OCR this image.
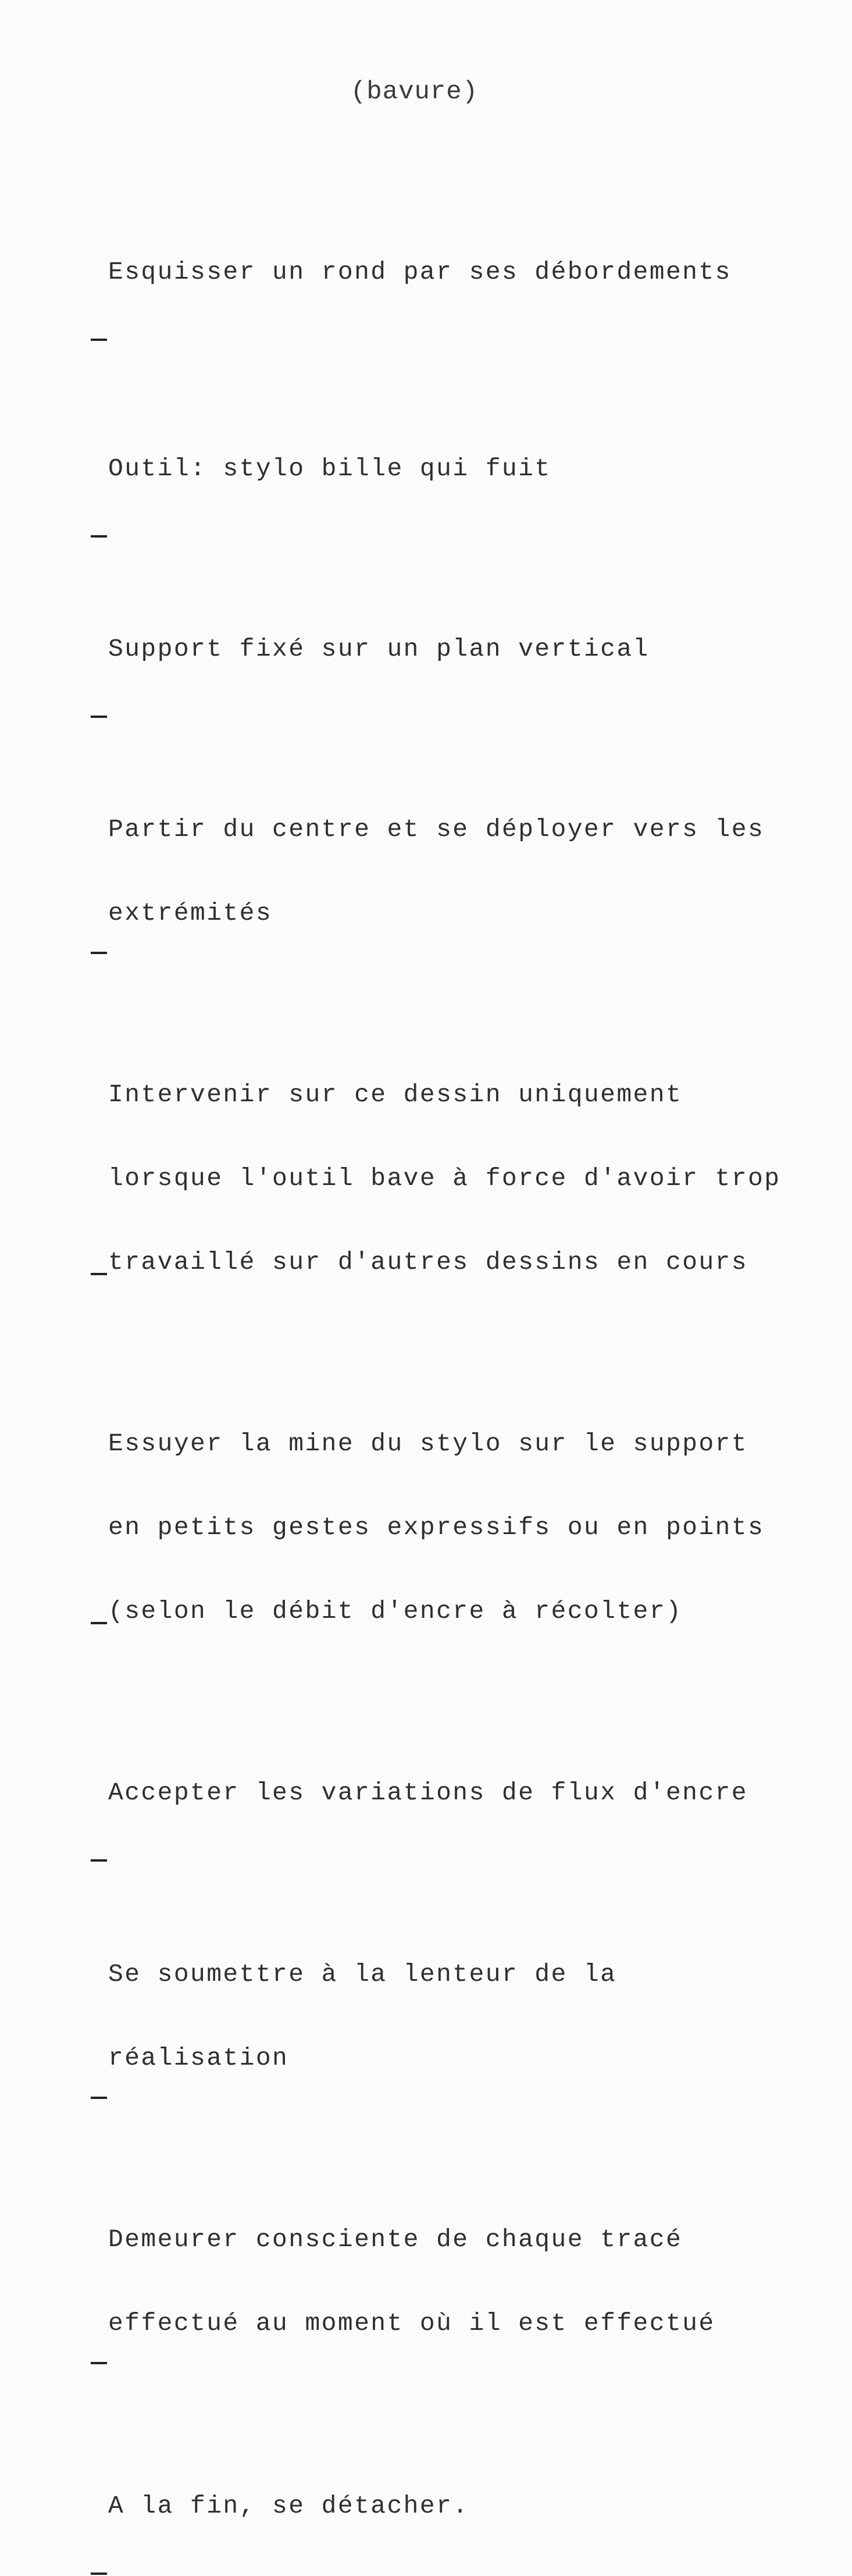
(bavure)

Esquisser un rond par ses débordements

Outil: stylo bille qui fuit

Support fixé sur un plan vertical

Partir du centre et se déployer vers les

extrémités

Intervenir sur ce dessin uniquement

lorsque l'outil bave à force d'avoir trop

travaillé sur d'autres dessins en cours

Essuyer la mine du stylo sur le support

en petits gestes expressifs ou en points

(selon le débit d'encre à récolter)

Accepter les variations de flux d'encre

Se soumettre à la lenteur de la

réalisation

Demeurer consciente de chaque tracé

effectué au moment où il est effectué

A la fin, se détacher.
